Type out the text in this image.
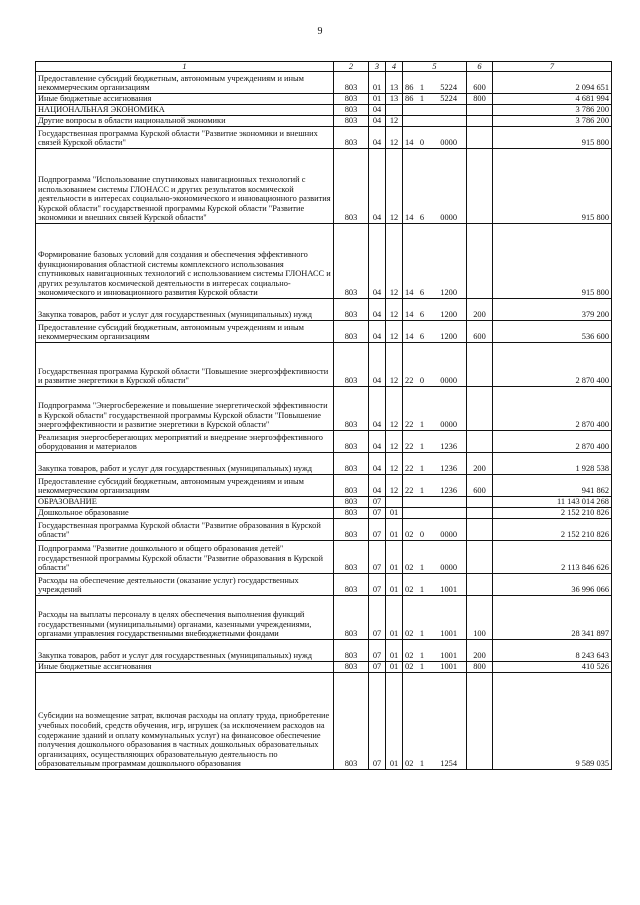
9
1	2	3	4	5	6	7
Предоставление субсидий бюджетным, автономным учреждениям и иным некоммерческим организациям	803	01	13	86 1 5224	600	2 094 651
Иные бюджетные ассигнования	803	01	13	86 1 5224	800	4 681 994
НАЦИОНАЛЬНАЯ ЭКОНОМИКА	803	04				3 786 200
Другие вопросы в области национальной экономики	803	04	12			3 786 200
Государственная программа Курской области "Развитие экономики и внешних связей Курской области"	803	04	12	14 0 0000		915 800
Подпрограмма "Использование спутниковых навигационных технологий с использованием системы ГЛОНАСС и других результатов космической деятельности в интересах социально-экономического и инновационного развития Курской области" государственной программы Курской области "Развитие экономики и внешних связей Курской области"	803	04	12	14 6 0000		915 800
Формирование базовых условий для создания и обеспечения эффективного функционирования областной системы комплексного использования спутниковых навигационных технологий с использованием системы ГЛОНАСС и других результатов космической деятельности в интересах социально-экономического и инновационного развития Курской области	803	04	12	14 6 1200		915 800
Закупка товаров, работ и услуг для государственных (муниципальных) нужд	803	04	12	14 6 1200	200	379 200
Предоставление субсидий бюджетным, автономным учреждениям и иным некоммерческим организациям	803	04	12	14 6 1200	600	536 600
Государственная программа Курской области "Повышение энергоэффективности и развитие энергетики в Курской области"	803	04	12	22 0 0000		2 870 400
Подпрограмма "Энергосбережение и повышение энергетической эффективности в Курской области" государственной программы Курской области "Повышение энергоэффективности и развитие энергетики в Курской области"	803	04	12	22 1 0000		2 870 400
Реализация энергосберегающих мероприятий и внедрение энергоэффективного оборудования и материалов	803	04	12	22 1 1236		2 870 400
Закупка товаров, работ и услуг для государственных (муниципальных) нужд	803	04	12	22 1 1236	200	1 928 538
Предоставление субсидий бюджетным, автономным учреждениям и иным некоммерческим организациям	803	04	12	22 1 1236	600	941 862
ОБРАЗОВАНИЕ	803	07				11 143 014 268
Дошкольное образование	803	07	01			2 152 210 826
Государственная программа Курской области "Развитие образования в Курской области"	803	07	01	02 0 0000		2 152 210 826
Подпрограмма "Развитие дошкольного и общего образования детей" государственной программы Курской области "Развитие образования в Курской области"	803	07	01	02 1 0000		2 113 846 626
Расходы на обеспечение деятельности (оказание услуг) государственных учреждений	803	07	01	02 1 1001		36 996 066
Расходы на выплаты персоналу в целях обеспечения выполнения функций государственными (муниципальными) органами, казенными учреждениями, органами управления государственными внебюджетными фондами	803	07	01	02 1 1001	100	28 341 897
Закупка товаров, работ и услуг для государственных (муниципальных) нужд	803	07	01	02 1 1001	200	8 243 643
Иные бюджетные ассигнования	803	07	01	02 1 1001	800	410 526
Субсидии на возмещение затрат, включая расходы на оплату труда, приобретение учебных пособий, средств обучения, игр, игрушек (за исключением расходов на содержание зданий и оплату коммунальных услуг) на финансовое обеспечение получения дошкольного образования в частных дошкольных образовательных организациях, осуществляющих образовательную деятельность по образовательным программам дошкольного образования	803	07	01	02 1 1254		9 589 035
